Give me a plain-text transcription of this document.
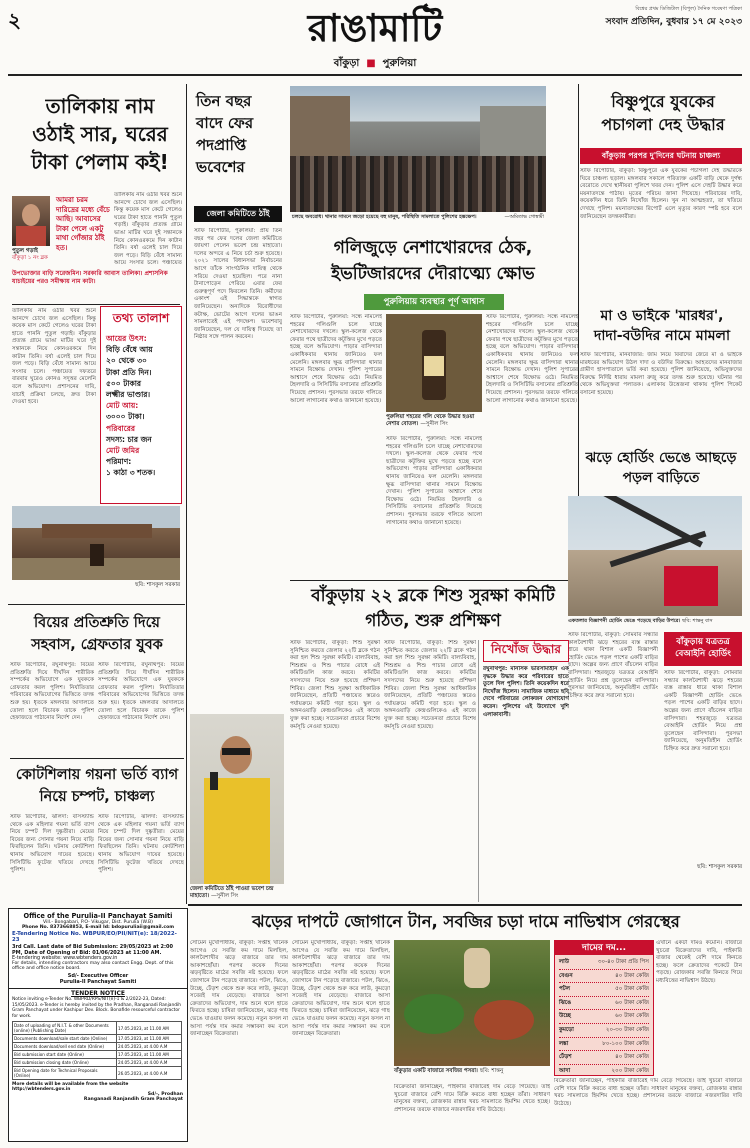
২	বিশ্বের প্রথম ডিজিটাল (বিপুল) দৈনিক গবেষণা পত্রিকা
সংবাদ প্রতিদিন, বুধবার ১৭ মে ২০২৩
রাঙামাটি
বাঁকুড়া  ■  পুরুলিয়া
তালিকায় নাম ওঠাই সার, ঘরের টাকা পেলাম কই!
পুতুল গড়াই
বাঁকুড়া ১ নং ব্লক
আমরা চরম দারিদ্রের মধ্যে বেঁচে আছি। আবাসের টাকা পেলে একটু মাথা গোঁজার ঠাঁই হত।
তালিকায় নাম ওঠার খবর শুনে আনন্দে চোখে জল এসেছিল। কিন্তু কয়েক মাস কেটে গেলেও ঘরের টাকা হাতে পাননি পুতুল গড়াই। বাঁকুড়ার প্রত্যন্ত গ্রামে ভাঙা মাটির ঘরে দুই সন্তানকে নিয়ে কোনওরকমে দিন কাটান তিনি। বর্ষা এলেই চাল দিয়ে জল পড়ে। বিড়ি বেঁধে সামান্য আয়ে সংসার চলে। পঞ্চায়েত
উপভোক্তার বাড়ি সরেজমিন। সরকারি আবাস তালিকা। প্রশাসনিক যাচাইয়ের পরও সমীক্ষায় নাম কাটা।
তালিকায় নাম ওঠার খবর শুনে আনন্দে চোখে জল এসেছিল। কিন্তু কয়েক মাস কেটে গেলেও ঘরের টাকা হাতে পাননি পুতুল গড়াই। বাঁকুড়ার প্রত্যন্ত গ্রামে ভাঙা মাটির ঘরে দুই সন্তানকে নিয়ে কোনওরকমে দিন কাটান তিনি। বর্ষা এলেই চাল দিয়ে জল পড়ে। বিড়ি বেঁধে সামান্য আয়ে সংসার চলে। পঞ্চায়েত দফতরে বারবার ঘুরেও কোনও সদুত্তর মেলেনি বলে অভিযোগ। প্রশাসনের দাবি, যাচাই প্রক্রিয়া চলছে, দ্রুত টাকা দেওয়া হবে।
তথ্য তালাশ
আয়ের উৎস:
বিড়ি বেঁধে আয়
২০ থেকে ৩০
টাকা প্রতি দিন।
৫০০ টাকার
লক্ষ্মীর ভাণ্ডার।
মোট আয়:
৩০০০ টাকা।
পরিবারের
সদস্য: চার জন
মোট জমির
পরিমাণ:
১ কাঠা ৩ শতক।
ছবি: শাসকুল সরকার
তিন বছর বাদে ফের পদপ্রাপ্তি ভবেশের
জেলা কমিটিতে ঠাঁই
স্টাফ রিপোর্টার, পুরুলিয়া: প্রায় তিন বছর পর ফের দলের জেলা কমিটিতে জায়গা পেলেন ভবেশ চন্দ্র মাহাতো। দলের অন্দরে এ নিয়ে চর্চা শুরু হয়েছে। ২০২১ সালের বিধানসভা নির্বাচনের আগে তাঁকে সাংগঠনিক দায়িত্ব থেকে সরিয়ে দেওয়া হয়েছিল। পরে নানা টানাপোড়েন পেরিয়ে এবার ফের গুরুত্বপূর্ণ পদে ফিরলেন তিনি। কর্মীদের একাংশ এই সিদ্ধান্তকে স্বাগত জানিয়েছেন। অন্যদিকে বিরোধীদের কটাক্ষ, ভোটের আগে দলের ভাঙন সামলাতেই এই পদক্ষেপ। ভবেশবাবু জানিয়েছেন, দল যে দায়িত্ব দিয়েছে তা নিষ্ঠার সঙ্গে পালন করবেন।
চলছে অবরোধ। থানার সামনে জড়ো হয়েছে বহু মানুষ, পরিস্থিতি সামলাতে পুলিশের হস্তক্ষেপ।	—অমিতাভ গোস্বামী
গলিজুড়ে নেশাখোরদের ঠেক,
ইভটিজারদের দৌরাত্ম্যে ক্ষোভ
পুরুলিয়ায় ব্যবস্থার পূর্ণ আশ্বাস
স্টাফ রিপোর্টার, পুরুলিয়া: সন্ধে নামলেই শহরের গলিগুলি চলে যাচ্ছে নেশাখোরদের দখলে। স্কুল-কলেজ থেকে ফেরার পথে ছাত্রীদের কটূক্তির মুখে পড়তে হচ্ছে বলে অভিযোগ। পাড়ার বাসিন্দারা একাধিকবার থানায় জানিয়েও ফল মেলেনি। মঙ্গলবার ক্ষুব্ধ বাসিন্দারা থানার সামনে বিক্ষোভ দেখান। পুলিশ সুপারের আশ্বাসে শেষে বিক্ষোভ ওঠে। নিয়মিত টহলদারি ও সিসিটিভি বসানোর প্রতিশ্রুতি দিয়েছে প্রশাসন। পুরসভার তরফে গলিতে আলো লাগানোর কথাও জানানো হয়েছে।
পুরুলিয়া শহরের গলি থেকে উদ্ধার হওয়া নেশার বোতল। —সুনীল সিং
স্টাফ রিপোর্টার, পুরুলিয়া: সন্ধে নামলেই শহরের গলিগুলি চলে যাচ্ছে নেশাখোরদের দখলে। স্কুল-কলেজ থেকে ফেরার পথে ছাত্রীদের কটূক্তির মুখে পড়তে হচ্ছে বলে অভিযোগ। পাড়ার বাসিন্দারা একাধিকবার থানায় জানিয়েও ফল মেলেনি। মঙ্গলবার ক্ষুব্ধ বাসিন্দারা থানার সামনে বিক্ষোভ দেখান। পুলিশ সুপারের আশ্বাসে শেষে বিক্ষোভ ওঠে। নিয়মিত টহলদারি ও সিসিটিভি বসানোর প্রতিশ্রুতি দিয়েছে প্রশাসন। পুরসভার তরফে গলিতে আলো লাগানোর কথাও জানানো হয়েছে।
স্টাফ রিপোর্টার, পুরুলিয়া: সন্ধে নামলেই শহরের গলিগুলি চলে যাচ্ছে নেশাখোরদের দখলে। স্কুল-কলেজ থেকে ফেরার পথে ছাত্রীদের কটূক্তির মুখে পড়তে হচ্ছে বলে অভিযোগ। পাড়ার বাসিন্দারা একাধিকবার থানায় জানিয়েও ফল মেলেনি। মঙ্গলবার ক্ষুব্ধ বাসিন্দারা থানার সামনে বিক্ষোভ দেখান। পুলিশ সুপারের আশ্বাসে শেষে বিক্ষোভ ওঠে। নিয়মিত টহলদারি ও সিসিটিভি বসানোর প্রতিশ্রুতি দিয়েছে প্রশাসন। পুরসভার তরফে গলিতে আলো লাগানোর কথাও জানানো হয়েছে।
বিষ্ণুপুরে যুবকের পচাগলা দেহ উদ্ধার
বাঁকুড়ায় পরপর দু'দিনের ঘটনায় চাঞ্চল্য
স্টাফ রিপোর্টার, বাঁকুড়া: বিষ্ণুপুরে এক যুবকের পচাগলা দেহ উদ্ধারকে ঘিরে চাঞ্চল্য ছড়াল। মঙ্গলবার সকালে পরিত্যক্ত একটি বাড়ি থেকে দুর্গন্ধ বেরোতে দেখে স্থানীয়রা পুলিশে খবর দেন। পুলিশ এসে দেহটি উদ্ধার করে ময়নাতদন্তে পাঠায়। মৃতের পরিচয় জানা গিয়েছে। পরিবারের দাবি, কয়েকদিন ধরে তিনি নিখোঁজ ছিলেন। খুন না আত্মহত্যা, তা খতিয়ে দেখছে পুলিশ। ময়নাতদন্তের রিপোর্ট এলে মৃত্যুর কারণ স্পষ্ট হবে বলে জানিয়েছেন তদন্তকারীরা।
মা ও ভাইকে 'মারধর', দাদা-বউদির নামে মামলা
স্টাফ রিপোর্টার, মানবাজার: জমি নিয়ে বিবাদের জেরে মা ও ভাইকে মারধরের অভিযোগ উঠল দাদা ও বউদির বিরুদ্ধে। আহতদের মানবাজার গ্রামীণ হাসপাতালে ভর্তি করা হয়েছে। পুলিশ জানিয়েছে, অভিযুক্তদের বিরুদ্ধে নির্দিষ্ট ধারায় মামলা রুজু করে তদন্ত শুরু হয়েছে। ঘটনার পর থেকে অভিযুক্তরা পলাতক। এলাকায় উত্তেজনা থাকায় পুলিশ পিকেট বসানো হয়েছে।
ঝড়ে হোর্ডিং ভেঙে আছড়ে পড়ল বাড়িতে
একতলার বিজ্ঞাপনী হোর্ডিং ভেঙে পড়েছে বাড়ির উপরে। ছবি: শান্তনু বাস
স্টাফ রিপোর্টার, বাঁকুড়া: সোমবার সন্ধ্যার কালবৈশাখী ঝড়ে শহরের ব্যস্ত রাস্তার ধারে থাকা বিশাল একটি বিজ্ঞাপনী হোর্ডিং ভেঙে পড়ল পাশের একটি বাড়ির ছাদে। অল্পের জন্য প্রাণে বাঁচলেন বাড়ির বাসিন্দারা। শহরজুড়ে যত্রতত্র বেআইনি হোর্ডিং নিয়ে প্রশ্ন তুলেছেন বাসিন্দারা। পুরসভা জানিয়েছে, অনুমতিহীন হোর্ডিং চিহ্নিত করে দ্রুত সরানো হবে।
বাঁকুড়ায় যত্রতত্র বেআইনি হোর্ডিং
স্টাফ রিপোর্টার, বাঁকুড়া: সোমবার সন্ধ্যার কালবৈশাখী ঝড়ে শহরের ব্যস্ত রাস্তার ধারে থাকা বিশাল একটি বিজ্ঞাপনী হোর্ডিং ভেঙে পড়ল পাশের একটি বাড়ির ছাদে। অল্পের জন্য প্রাণে বাঁচলেন বাড়ির বাসিন্দারা। শহরজুড়ে যত্রতত্র বেআইনি হোর্ডিং নিয়ে প্রশ্ন তুলেছেন বাসিন্দারা। পুরসভা জানিয়েছে, অনুমতিহীন হোর্ডিং চিহ্নিত করে দ্রুত সরানো হবে।
ছবি: শাসকুল সরকার
বিয়ের প্রতিশ্রুতি দিয়ে সহবাস, গ্রেফতার যুবক
স্টাফ রিপোর্টার, রঘুনাথপুর: বিয়ের প্রতিশ্রুতি দিয়ে দীর্ঘদিন শারীরিক সম্পর্কের অভিযোগে এক যুবককে গ্রেফতার করল পুলিশ। নির্যাতিতার পরিবারের অভিযোগের ভিত্তিতে তদন্ত শুরু হয়। ধৃতকে মঙ্গলবার আদালতে তোলা হলে বিচারক তাকে পুলিশ হেফাজতে পাঠানোর নির্দেশ দেন।
স্টাফ রিপোর্টার, রঘুনাথপুর: বিয়ের প্রতিশ্রুতি দিয়ে দীর্ঘদিন শারীরিক সম্পর্কের অভিযোগে এক যুবককে গ্রেফতার করল পুলিশ। নির্যাতিতার পরিবারের অভিযোগের ভিত্তিতে তদন্ত শুরু হয়। ধৃতকে মঙ্গলবার আদালতে তোলা হলে বিচারক তাকে পুলিশ হেফাজতে পাঠানোর নির্দেশ দেন।
কোটশিলায় গয়না ভর্তি ব্যাগ নিয়ে চম্পট, চাঞ্চল্য
স্টাফ রিপোর্টার, ঝালদা: বাসস্ট্যান্ড থেকে এক মহিলার গয়না ভর্তি ব্যাগ নিয়ে চম্পট দিল দুষ্কৃতীরা। মেয়ের বিয়ের জন্য সোনার গয়না নিয়ে বাড়ি ফিরছিলেন তিনি। ঘটনায় কোটশিলা থানায় অভিযোগ দায়ের হয়েছে। সিসিটিভি ফুটেজ খতিয়ে দেখছে পুলিশ।
স্টাফ রিপোর্টার, ঝালদা: বাসস্ট্যান্ড থেকে এক মহিলার গয়না ভর্তি ব্যাগ নিয়ে চম্পট দিল দুষ্কৃতীরা। মেয়ের বিয়ের জন্য সোনার গয়না নিয়ে বাড়ি ফিরছিলেন তিনি। ঘটনায় কোটশিলা থানায় অভিযোগ দায়ের হয়েছে। সিসিটিভি ফুটেজ খতিয়ে দেখছে পুলিশ।
বাঁকুড়ায় ২২ ব্লকে শিশু সুরক্ষা কমিটি গঠিত, শুরু প্রশিক্ষণ
স্টাফ রিপোর্টার, বাঁকুড়া: শিশু সুরক্ষা সুনিশ্চিত করতে জেলার ২২টি ব্লকে গঠন করা হল শিশু সুরক্ষা কমিটি। বাল্যবিবাহ, শিশুশ্রম ও শিশু পাচার রোধে এই কমিটিগুলি কাজ করবে। কমিটির সদস্যদের নিয়ে শুরু হয়েছে প্রশিক্ষণ শিবির। জেলা শিশু সুরক্ষা আধিকারিক জানিয়েছেন, প্রতিটি পঞ্চায়েত স্তরেও পর্যায়ক্রমে কমিটি গড়া হবে। স্কুল ও অঙ্গনওয়াড়ি কেন্দ্রগুলিকেও এই কাজে যুক্ত করা হচ্ছে। সচেতনতা প্রচারে বিশেষ কর্মসূচি নেওয়া হয়েছে।
স্টাফ রিপোর্টার, বাঁকুড়া: শিশু সুরক্ষা সুনিশ্চিত করতে জেলার ২২টি ব্লকে গঠন করা হল শিশু সুরক্ষা কমিটি। বাল্যবিবাহ, শিশুশ্রম ও শিশু পাচার রোধে এই কমিটিগুলি কাজ করবে। কমিটির সদস্যদের নিয়ে শুরু হয়েছে প্রশিক্ষণ শিবির। জেলা শিশু সুরক্ষা আধিকারিক জানিয়েছেন, প্রতিটি পঞ্চায়েত স্তরেও পর্যায়ক্রমে কমিটি গড়া হবে। স্কুল ও অঙ্গনওয়াড়ি কেন্দ্রগুলিকেও এই কাজে যুক্ত করা হচ্ছে। সচেতনতা প্রচারে বিশেষ কর্মসূচি নেওয়া হয়েছে।
জেলা কমিটিতে ঠাঁই পাওয়া ভবেশ চন্দ্র মাহাতো। —সুনীল সিং
নিখোঁজ উদ্ধার
রঘুনাথপুর: মানসিক ভারসাম্যহীন এক বৃদ্ধকে উদ্ধার করে পরিবারের হাতে তুলে দিল পুলিশ। তিনি কয়েকদিন ধরে নিখোঁজ ছিলেন। সামাজিক মাধ্যমে ছবি দেখে পরিবারের লোকজন যোগাযোগ করেন। পুলিশের এই উদ্যোগে খুশি এলাকাবাসী।
Office of the Purulia-II Panchayat Samiti
Vill.- Bongabari, P.O- Vikugar, Dist. Purulia (W.B)
Phone No. 8373668853, E-mail Id: bdopuruliaii@gmail.com
E-Tendering Notice No. WBPUR/EO/PII/NIT(e): 18/2022-23
3rd Call. Last date of Bid Submission: 29/05/2023 at 2:00 PM, Date of Opening of Bid: 01/06/2023 at 11:00 AM.
E-tendering website: www.wbtenders.gov.in
For details, intending contractors may also contact Engg. Dept. of this office and office notice board.
Sd/- Executive Officer
Purulia-II Panchayat Samiti
TENDER NOTICE
Notice inviting e-Tender No. WBPRD/RPS/NIT(e)-1 & 2/2022-23, Dated: 15/05/2023. e-Tender is hereby invited by the Pradhan, Ranganadi Ranjandih Gram Panchayat under Kashipur Dev. Block. Bonafide resourceful contractor for work.
Date of uploading of N.I.T. & other Documents (online) (Publishing Date)	17.05.2023, at 11.00 AM
Documents download/sale start date (Online)	17.05.2023, at 11.00 AM
Documents download/sell end date (Online)	24.05.2023, at 4.00 A.M
Bid submission start date (Online)	17.05.2023, at 11.00 AM
Bid submission closing date (Online)	24.05.2023, at 4.00 A.M
Bid Opening date for Technical Proposals (Online)	26.05.2023, at 4.00 A.M
More details will be available from the website http://wbtenders.gov.in
Sd/-, Prodhan
Ranganadi Ranjandih Gram Panchayat
ঝড়ের দাপটে জোগানে টান, সবজির চড়া দামে নাভিশ্বাস গেরস্থের
সৌমেন মুখোপাধ্যায়, বাঁকুড়া: সপ্তাহ খানেক আগেও যে সবজি কম দামে মিলছিল, কালবৈশাখীর ঝড়ে বাজারে তার দাম আকাশছোঁয়া। পরপর কয়েক দিনের ঝড়বৃষ্টিতে মাঠের সবজি নষ্ট হয়েছে। ফলে জোগানে টান পড়েছে বাজারে। পটল, ঝিঙে, উচ্ছে, ঢেঁড়শ থেকে শুরু করে লাউ, কুমড়ো সবেরই দাম বেড়েছে। বাজারে আসা ক্রেতাদের অভিযোগ, দাম শুনে থলে হাতে ফিরতে হচ্ছে। চাষিরা জানিয়েছেন, ঝড়ে গাছ ভেঙে যাওয়ায় ফলন কমেছে। নতুন ফসল না আসা পর্যন্ত দাম কমার সম্ভাবনা কম বলে জানাচ্ছেন বিক্রেতারা।
সৌমেন মুখোপাধ্যায়, বাঁকুড়া: সপ্তাহ খানেক আগেও যে সবজি কম দামে মিলছিল, কালবৈশাখীর ঝড়ে বাজারে তার দাম আকাশছোঁয়া। পরপর কয়েক দিনের ঝড়বৃষ্টিতে মাঠের সবজি নষ্ট হয়েছে। ফলে জোগানে টান পড়েছে বাজারে। পটল, ঝিঙে, উচ্ছে, ঢেঁড়শ থেকে শুরু করে লাউ, কুমড়ো সবেরই দাম বেড়েছে। বাজারে আসা ক্রেতাদের অভিযোগ, দাম শুনে থলে হাতে ফিরতে হচ্ছে। চাষিরা জানিয়েছেন, ঝড়ে গাছ ভেঙে যাওয়ায় ফলন কমেছে। নতুন ফসল না আসা পর্যন্ত দাম কমার সম্ভাবনা কম বলে জানাচ্ছেন বিক্রেতারা।
বাঁকুড়ার একটি বাজারে সবজির পসরা। ছবি: শান্তনু
বিক্রেতারা জানাচ্ছেন, পাইকারি বাজারেই দাম বেড়ে গিয়েছে। তাই খুচরো বাজারে বেশি দামে বিক্রি করতে বাধ্য হচ্ছেন তাঁরা। সাধারণ মানুষের বক্তব্য, রোজকার রান্নার খরচ সামলাতে হিমশিম খেতে হচ্ছে। প্রশাসনের তরফে বাজারে নজরদারির দাবি উঠেছে।
দামের দম...
লাউ	৩০-৪০ টাকা প্রতি পিস
বেগুন	৪০ টাকা কেজি
পটল	৫০ টাকা কেজি
ঝিঙে	৬০ টাকা কেজি
উচ্ছে	৬০ টাকা কেজি
কুমড়ো	২০-৩০ টাকা কেজি
লঙ্কা	৮০-১০০ টাকা কেজি
ঢেঁড়শ	৪০ টাকা কেজি
আদা	২০০ টাকা কেজি
এখানে একটা দামও কমেনি। বাজারে খুচরো বিক্রেতাদের দাবি, পাইকারি বাজার থেকেই বেশি দামে কিনতে হচ্ছে। ফলে ক্রেতাদের পকেটে টান পড়ছে। রোজকার সবজি কিনতে গিয়ে মধ্যবিত্তের নাভিশ্বাস উঠছে।
বিক্রেতারা জানাচ্ছেন, পাইকারি বাজারেই দাম বেড়ে গিয়েছে। তাই খুচরো বাজারে বেশি দামে বিক্রি করতে বাধ্য হচ্ছেন তাঁরা। সাধারণ মানুষের বক্তব্য, রোজকার রান্নার খরচ সামলাতে হিমশিম খেতে হচ্ছে। প্রশাসনের তরফে বাজারে নজরদারির দাবি উঠেছে।
